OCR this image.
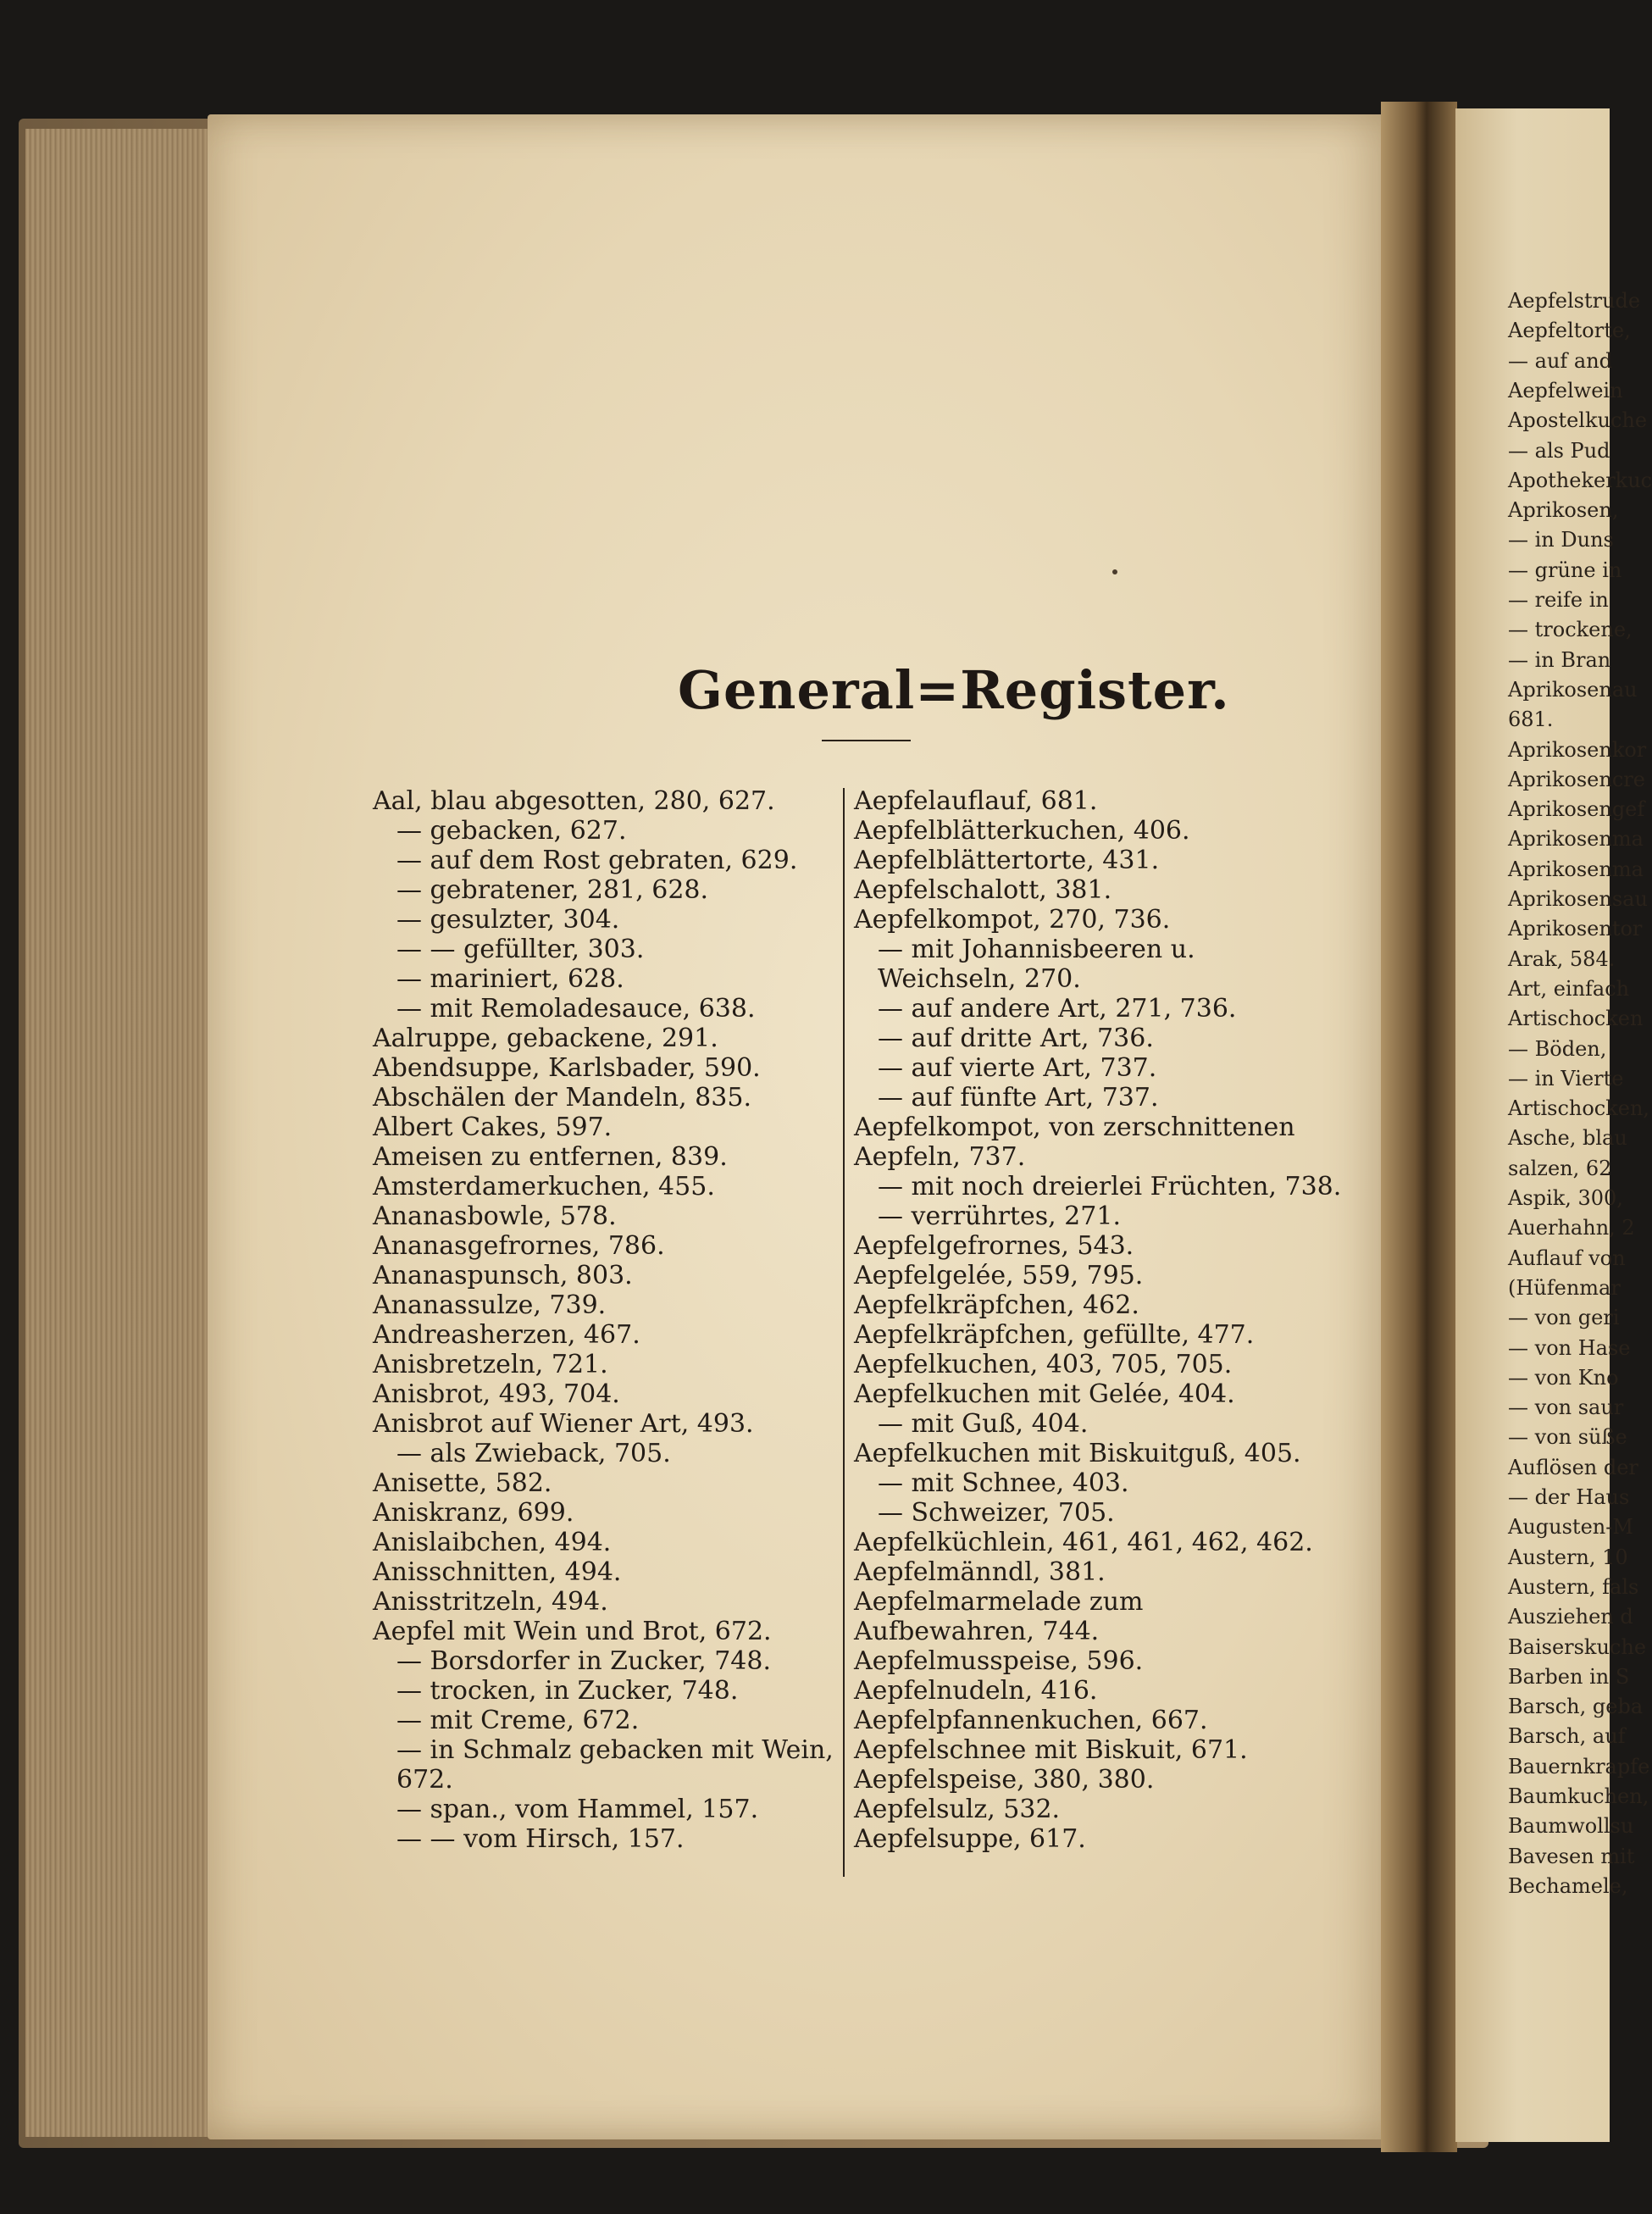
General=Register.
Aal, blau abgesotten, 280, 627.
— gebacken, 627.
— auf dem Rost gebraten, 629.
— gebratener, 281, 628.
— gesulzter, 304.
— — gefüllter, 303.
— mariniert, 628.
— mit Remoladesauce, 638.
Aalruppe, gebackene, 291.
Abendsuppe, Karlsbader, 590.
Abschälen der Mandeln, 835.
Albert Cakes, 597.
Ameisen zu entfernen, 839.
Amsterdamerkuchen, 455.
Ananasbowle, 578.
Ananasgefrornes, 786.
Ananaspunsch, 803.
Ananassulze, 739.
Andreasherzen, 467.
Anisbretzeln, 721.
Anisbrot, 493, 704.
Anisbrot auf Wiener Art, 493.
— als Zwieback, 705.
Anisette, 582.
Aniskranz, 699.
Anislaibchen, 494.
Anisschnitten, 494.
Anisstritzeln, 494.
Aepfel mit Wein und Brot, 672.
— Borsdorfer in Zucker, 748.
— trocken, in Zucker, 748.
— mit Creme, 672.
— in Schmalz gebacken mit Wein, 672.
— span., vom Hammel, 157.
— — vom Hirsch, 157.
Aepfelauflauf, 681.
Aepfelblätterkuchen, 406.
Aepfelblättertorte, 431.
Aepfelschalott, 381.
Aepfelkompot, 270, 736.
— mit Johannisbeeren u. Weichseln, 270.
— auf andere Art, 271, 736.
— auf dritte Art, 736.
— auf vierte Art, 737.
— auf fünfte Art, 737.
Aepfelkompot, von zerschnittenen Aepfeln, 737.
— mit noch dreierlei Früchten, 738.
— verrührtes, 271.
Aepfelgefrornes, 543.
Aepfelgelée, 559, 795.
Aepfelkräpfchen, 462.
Aepfelkräpfchen, gefüllte, 477.
Aepfelkuchen, 403, 705, 705.
Aepfelkuchen mit Gelée, 404.
— mit Guß, 404.
Aepfelkuchen mit Biskuitguß, 405.
— mit Schnee, 403.
— Schweizer, 705.
Aepfelküchlein, 461, 461, 462, 462.
Aepfelmänndl, 381.
Aepfelmarmelade zum Aufbewahren, 744.
Aepfelmusspeise, 596.
Aepfelnudeln, 416.
Aepfelpfannenkuchen, 667.
Aepfelschnee mit Biskuit, 671.
Aepfelspeise, 380, 380.
Aepfelsulz, 532.
Aepfelsuppe, 617.
Aepfelstrude
Aepfeltorte,
— auf and
Aepfelwein
Apostelkuche
— als Pud
Apothekerkuc
Aprikosen,
— in Duns
— grüne in
— reife in
— trockene,
— in Bran
Aprikosenau
681.
Aprikosenkor
Aprikosencre
Aprikosengef
Aprikosenma
Aprikosenma
Aprikosensau
Aprikosentor
Arak, 584.
Art, einfach
Artischocken
— Böden,
— in Vierte
Artischocken,
Asche, blau
salzen, 62
Aspik, 300,
Auerhahn, 2
Auflauf von
(Hüfenmar
— von geri
— von Hase
— von Kno
— von saur
— von süße
Auflösen der
— der Haus
Augusten-M
Austern, 10
Austern, fals
Ausziehen d
Baiserskuche
Barben in S
Barsch, geba
Barsch, auf
Bauernkrapfe
Baumkuchen,
Baumwollsu
Bavesen mit
Bechamele,
